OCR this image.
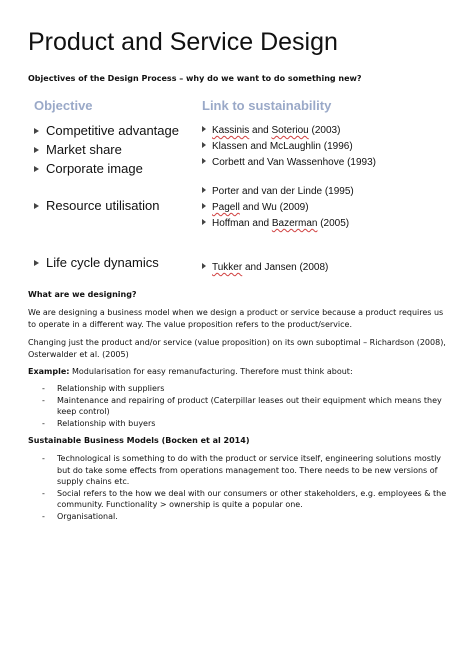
Product and Service Design
Objectives of the Design Process – why do we want to do something new?
Objective	Link to sustainability
Competitive advantage
Market share
Corporate image
Resource utilisation
Life cycle dynamics
Kassinis and Soteriou (2003)
Klassen and McLaughlin (1996)
Corbett and Van Wassenhove (1993)
Porter and van der Linde (1995)
Pagell and Wu (2009)
Hoffman and Bazerman (2005)
Tukker and Jansen (2008)
What are we designing?
We are designing a business model when we design a product or service because a product requires us to operate in a different way. The value proposition refers to the product/service.
Changing just the product and/or service (value proposition) on its own suboptimal – Richardson (2008), Osterwalder et al. (2005)
Example: Modularisation for easy remanufacturing. Therefore must think about:
- Relationship with suppliers
- Maintenance and repairing of product (Caterpillar leases out their equipment which means they keep control)
- Relationship with buyers
Sustainable Business Models (Bocken et al 2014)
- Technological is something to do with the product or service itself, engineering solutions mostly but do take some effects from operations management too. There needs to be new versions of supply chains etc.
- Social refers to the how we deal with our consumers or other stakeholders, e.g. employees & the community. Functionality > ownership is quite a popular one.
- Organisational.
